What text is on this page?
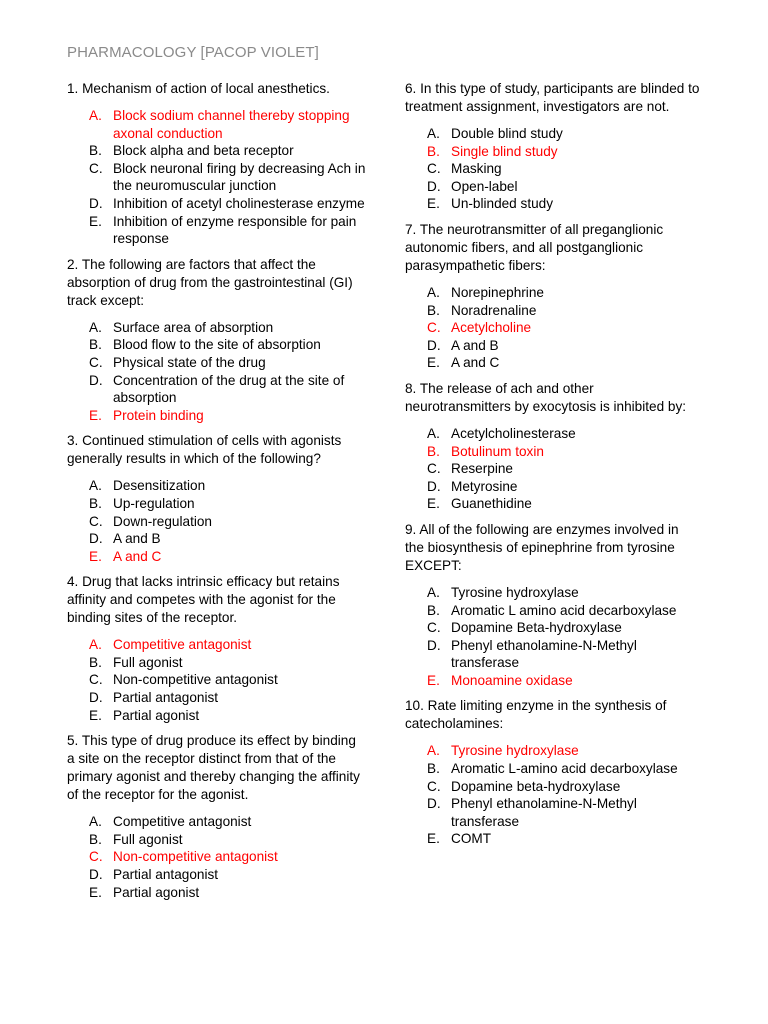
PHARMACOLOGY [PACOP VIOLET]
1. Mechanism of action of local anesthetics.
A. Block sodium channel thereby stopping axonal conduction
B. Block alpha and beta receptor
C. Block neuronal firing by decreasing Ach in the neuromuscular junction
D. Inhibition of acetyl cholinesterase enzyme
E. Inhibition of enzyme responsible for pain response
2. The following are factors that affect the absorption of drug from the gastrointestinal (GI) track except:
A. Surface area of absorption
B. Blood flow to the site of absorption
C. Physical state of the drug
D. Concentration of the drug at the site of absorption
E. Protein binding
3. Continued stimulation of cells with agonists generally results in which of the following?
A. Desensitization
B. Up-regulation
C. Down-regulation
D. A and B
E. A and C
4. Drug that lacks intrinsic efficacy but retains affinity and competes with the agonist for the binding sites of the receptor.
A. Competitive antagonist
B. Full agonist
C. Non-competitive antagonist
D. Partial antagonist
E. Partial agonist
5. This type of drug produce its effect by binding a site on the receptor distinct from that of the primary agonist and thereby changing the affinity of the receptor for the agonist.
A. Competitive antagonist
B. Full agonist
C. Non-competitive antagonist
D. Partial antagonist
E. Partial agonist
6. In this type of study, participants are blinded to treatment assignment, investigators are not.
A. Double blind study
B. Single blind study
C. Masking
D. Open-label
E. Un-blinded study
7. The neurotransmitter of all preganglionic autonomic fibers, and all postganglionic parasympathetic fibers:
A. Norepinephrine
B. Noradrenaline
C. Acetylcholine
D. A and B
E. A and C
8. The release of ach and other neurotransmitters by exocytosis is inhibited by:
A. Acetylcholinesterase
B. Botulinum toxin
C. Reserpine
D. Metyrosine
E. Guanethidine
9. All of the following are enzymes involved in the biosynthesis of epinephrine from tyrosine EXCEPT:
A. Tyrosine hydroxylase
B. Aromatic L amino acid decarboxylase
C. Dopamine Beta-hydroxylase
D. Phenyl ethanolamine-N-Methyl transferase
E. Monoamine oxidase
10. Rate limiting enzyme in the synthesis of catecholamines:
A. Tyrosine hydroxylase
B. Aromatic L-amino acid decarboxylase
C. Dopamine beta-hydroxylase
D. Phenyl ethanolamine-N-Methyl transferase
E. COMT
